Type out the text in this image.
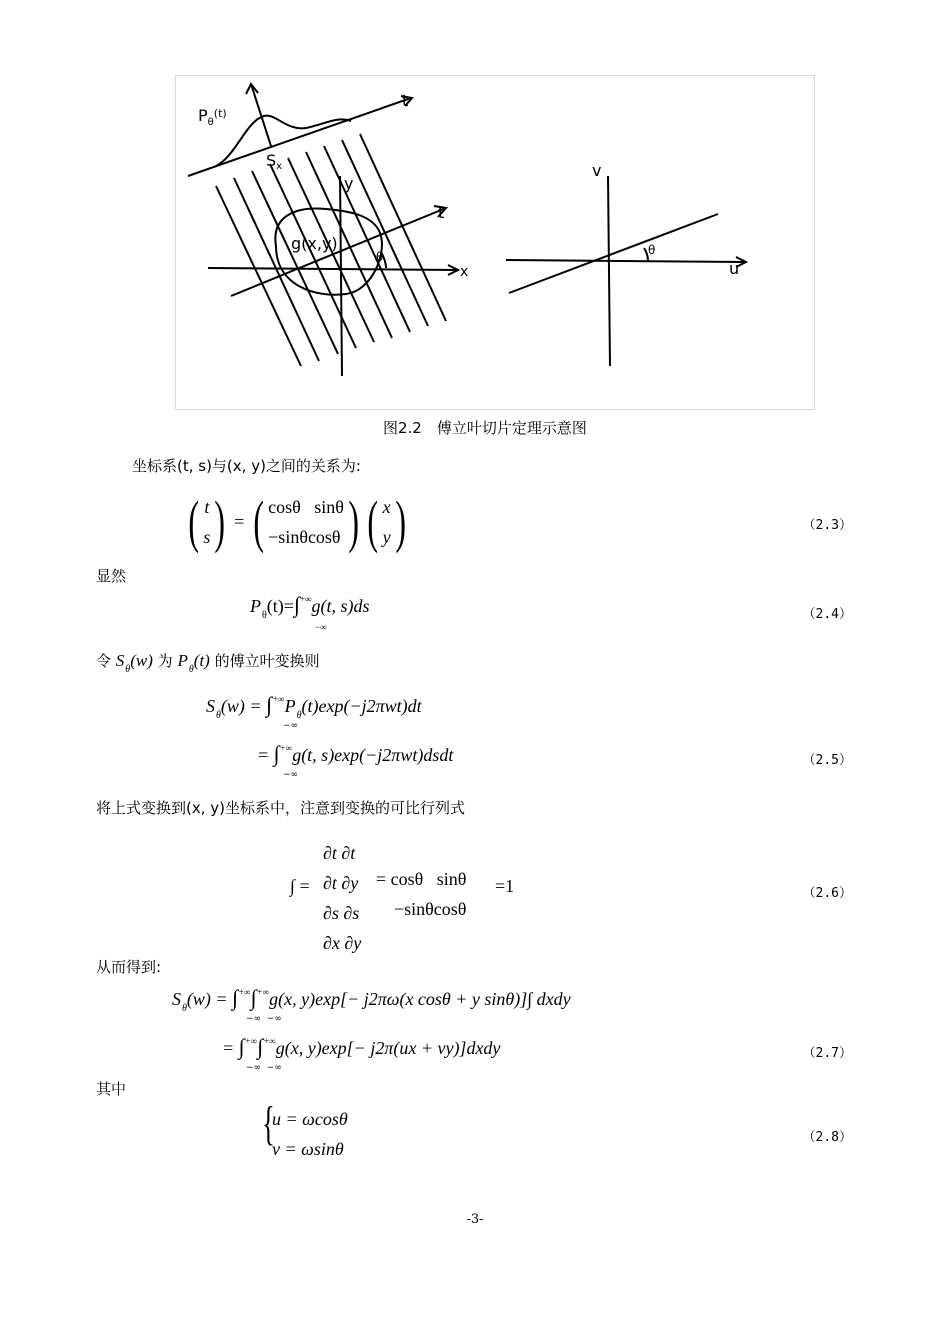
$P_\theta^{(t)}$
t
Sx
y
t
g(x,y)
θ
x
v
θ
u
图2.2　傅立叶切片定理示意图
坐标系(t, s)与(x, y)之间的关系为:
( t
s ) = ( cosθ sinθ
−sinθcosθ ) ( x
y )	（2.3）
显然
$P_\theta(t)=\int^{+\infty}g(t$, s)ds
−∞
（2.4）
令 $S_\theta(w)$ 为 $P_\theta(t)$ 的傅立叶变换则
$S_\theta(w) = \int^{+\infty}P_\theta(t)\exp(-j2\pi wt)dt$
−∞
= ∫+∞g(t, s)exp(−j2πwt)dsdt
−∞
（2.5）
将上式变换到(x, y)坐标系中，注意到变换的可比行列式
∂t ∂t
∂t ∂y
∂s ∂s
∂x ∂y
∫ =	= cosθ sinθ
−sinθcosθ
=1	（2.6）
从而得到:
$S_\theta(w) = \int^{+\infty}\int^{+\infty}g(x$, y)exp[− j2πω(x cosθ + y sinθ)]∫ dxdy
−∞  −∞
= ∫+∞∫+∞g(x, y)exp[− j2π(ux + vy)]dxdy
−∞  −∞
（2.7）
其中
{
u = ωcosθ
v = ωsinθ
（2.8）
-3-
